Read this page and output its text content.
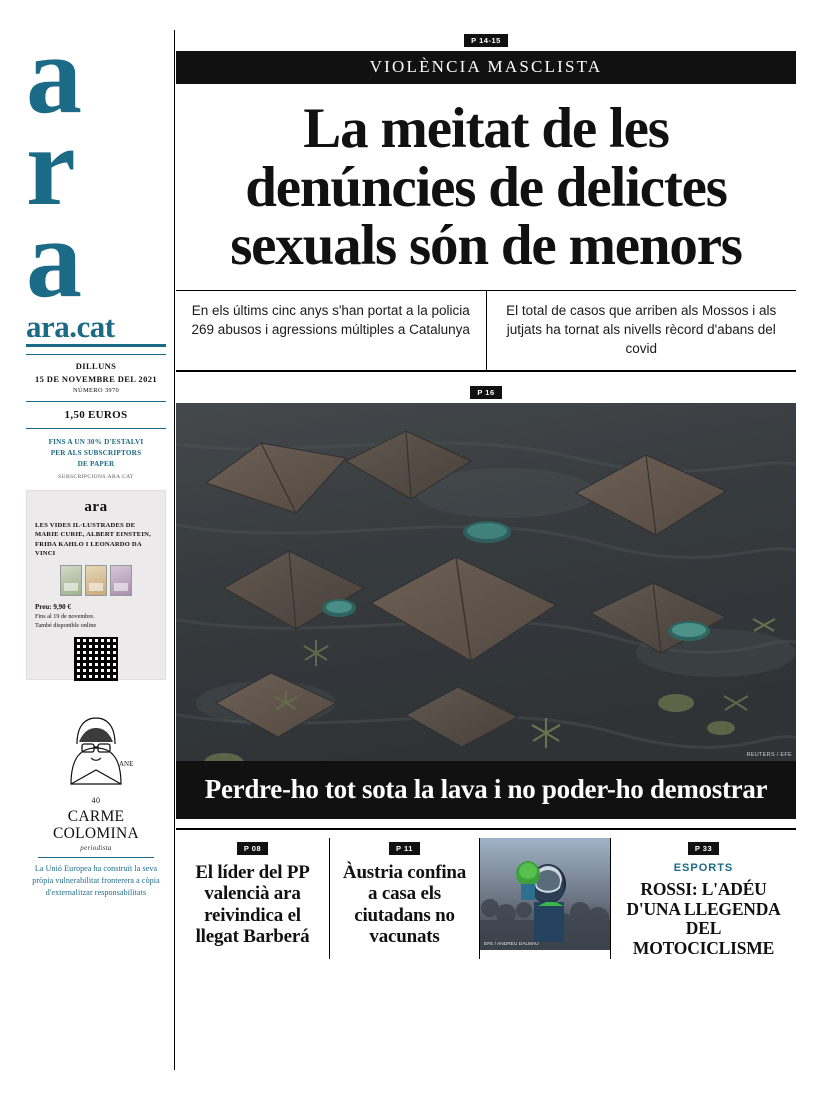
a
r
a
ara.cat
DILLUNS
15 DE NOVEMBRE DEL 2021
NÚMERO 3970
1,50 EUROS
FINS A UN 30% D'ESTALVI
PER ALS SUBSCRIPTORS
DE PAPER
SUBSCRIPCIONS.ARA.CAT
ara
LES VIDES IL·LUSTRADES DE MARIE CURIE, ALBERT EINSTEIN, FRIDA KAHLO I LEONARDO DA VINCI
Preu: 9,90 €
Fins al 19 de novembre.
També disponible online
ANE
40
CARME
COLOMINA
periodista
La Unió Europea ha construït la seva pròpia vulnerabilitat fronterera a còpia d'externalitzar responsabilitats
P 14-15
VIOLÈNCIA MASCLISTA
La meitat de les denúncies de delictes sexuals són de menors
En els últims cinc anys s'han portat a la policia 269 abusos i agressions múltiples a Catalunya
El total de casos que arriben als Mossos i als jutjats ha tornat als nivells rècord d'abans del covid
P 16
REUTERS / EFE
Perdre-ho tot sota la lava i no poder-ho demostrar
P 08
El líder del PP valencià ara reivindica el llegat Barberá
P 11
Àustria confina a casa els ciutadans no vacunats	EFE / ANDREU DALMAU
P 33
ESPORTS
ROSSI: L'ADÉU D'UNA LLEGENDA DEL MOTOCICLISME
